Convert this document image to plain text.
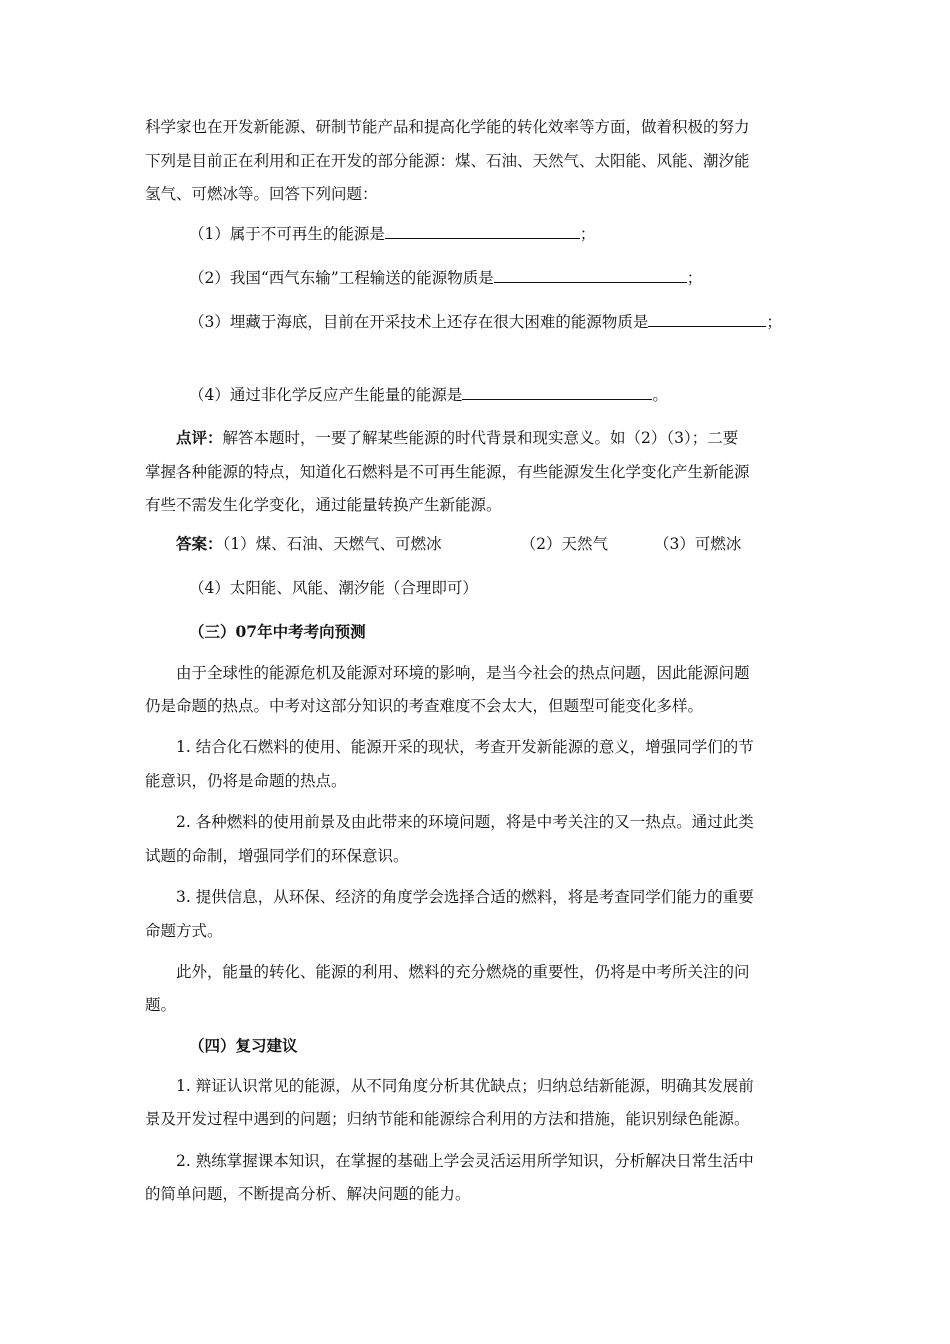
科学家也在开发新能源、研制节能产品和提高化学能的转化效率等方面，做着积极的努力
下列是目前正在利用和正在开发的部分能源：煤、石油、天然气、太阳能、风能、潮汐能
氢气、可燃冰等。回答下列问题：
（1）属于不可再生的能源是	；
（2）我国“西气东输”工程输送的能源物质是	；
（3）埋藏于海底，目前在开采技术上还存在很大困难的能源物质是	；
（4）通过非化学反应产生能量的能源是	。
点评：解答本题时，一要了解某些能源的时代背景和现实意义。如（2）（3）；二要
掌握各种能源的特点，知道化石燃料是不可再生能源，有些能源发生化学变化产生新能源
有些不需发生化学变化，通过能量转换产生新能源。
答案：（1）煤、石油、天燃气、可燃冰	（2）天然气	（3）可燃冰
（4）太阳能、风能、潮汐能（合理即可）
（三）07年中考考向预测
由于全球性的能源危机及能源对环境的影响，是当今社会的热点问题，因此能源问题
仍是命题的热点。中考对这部分知识的考查难度不会太大，但题型可能变化多样。
1. 结合化石燃料的使用、能源开采的现状，考查开发新能源的意义，增强同学们的节
能意识，仍将是命题的热点。
2. 各种燃料的使用前景及由此带来的环境问题，将是中考关注的又一热点。通过此类
试题的命制，增强同学们的环保意识。
3. 提供信息，从环保、经济的角度学会选择合适的燃料，将是考查同学们能力的重要
命题方式。
此外，能量的转化、能源的利用、燃料的充分燃烧的重要性，仍将是中考所关注的问
题。
（四）复习建议
1. 辩证认识常见的能源，从不同角度分析其优缺点；归纳总结新能源，明确其发展前
景及开发过程中遇到的问题；归纳节能和能源综合利用的方法和措施，能识别绿色能源。
2. 熟练掌握课本知识，在掌握的基础上学会灵活运用所学知识，分析解决日常生活中
的简单问题，不断提高分析、解决问题的能力。
